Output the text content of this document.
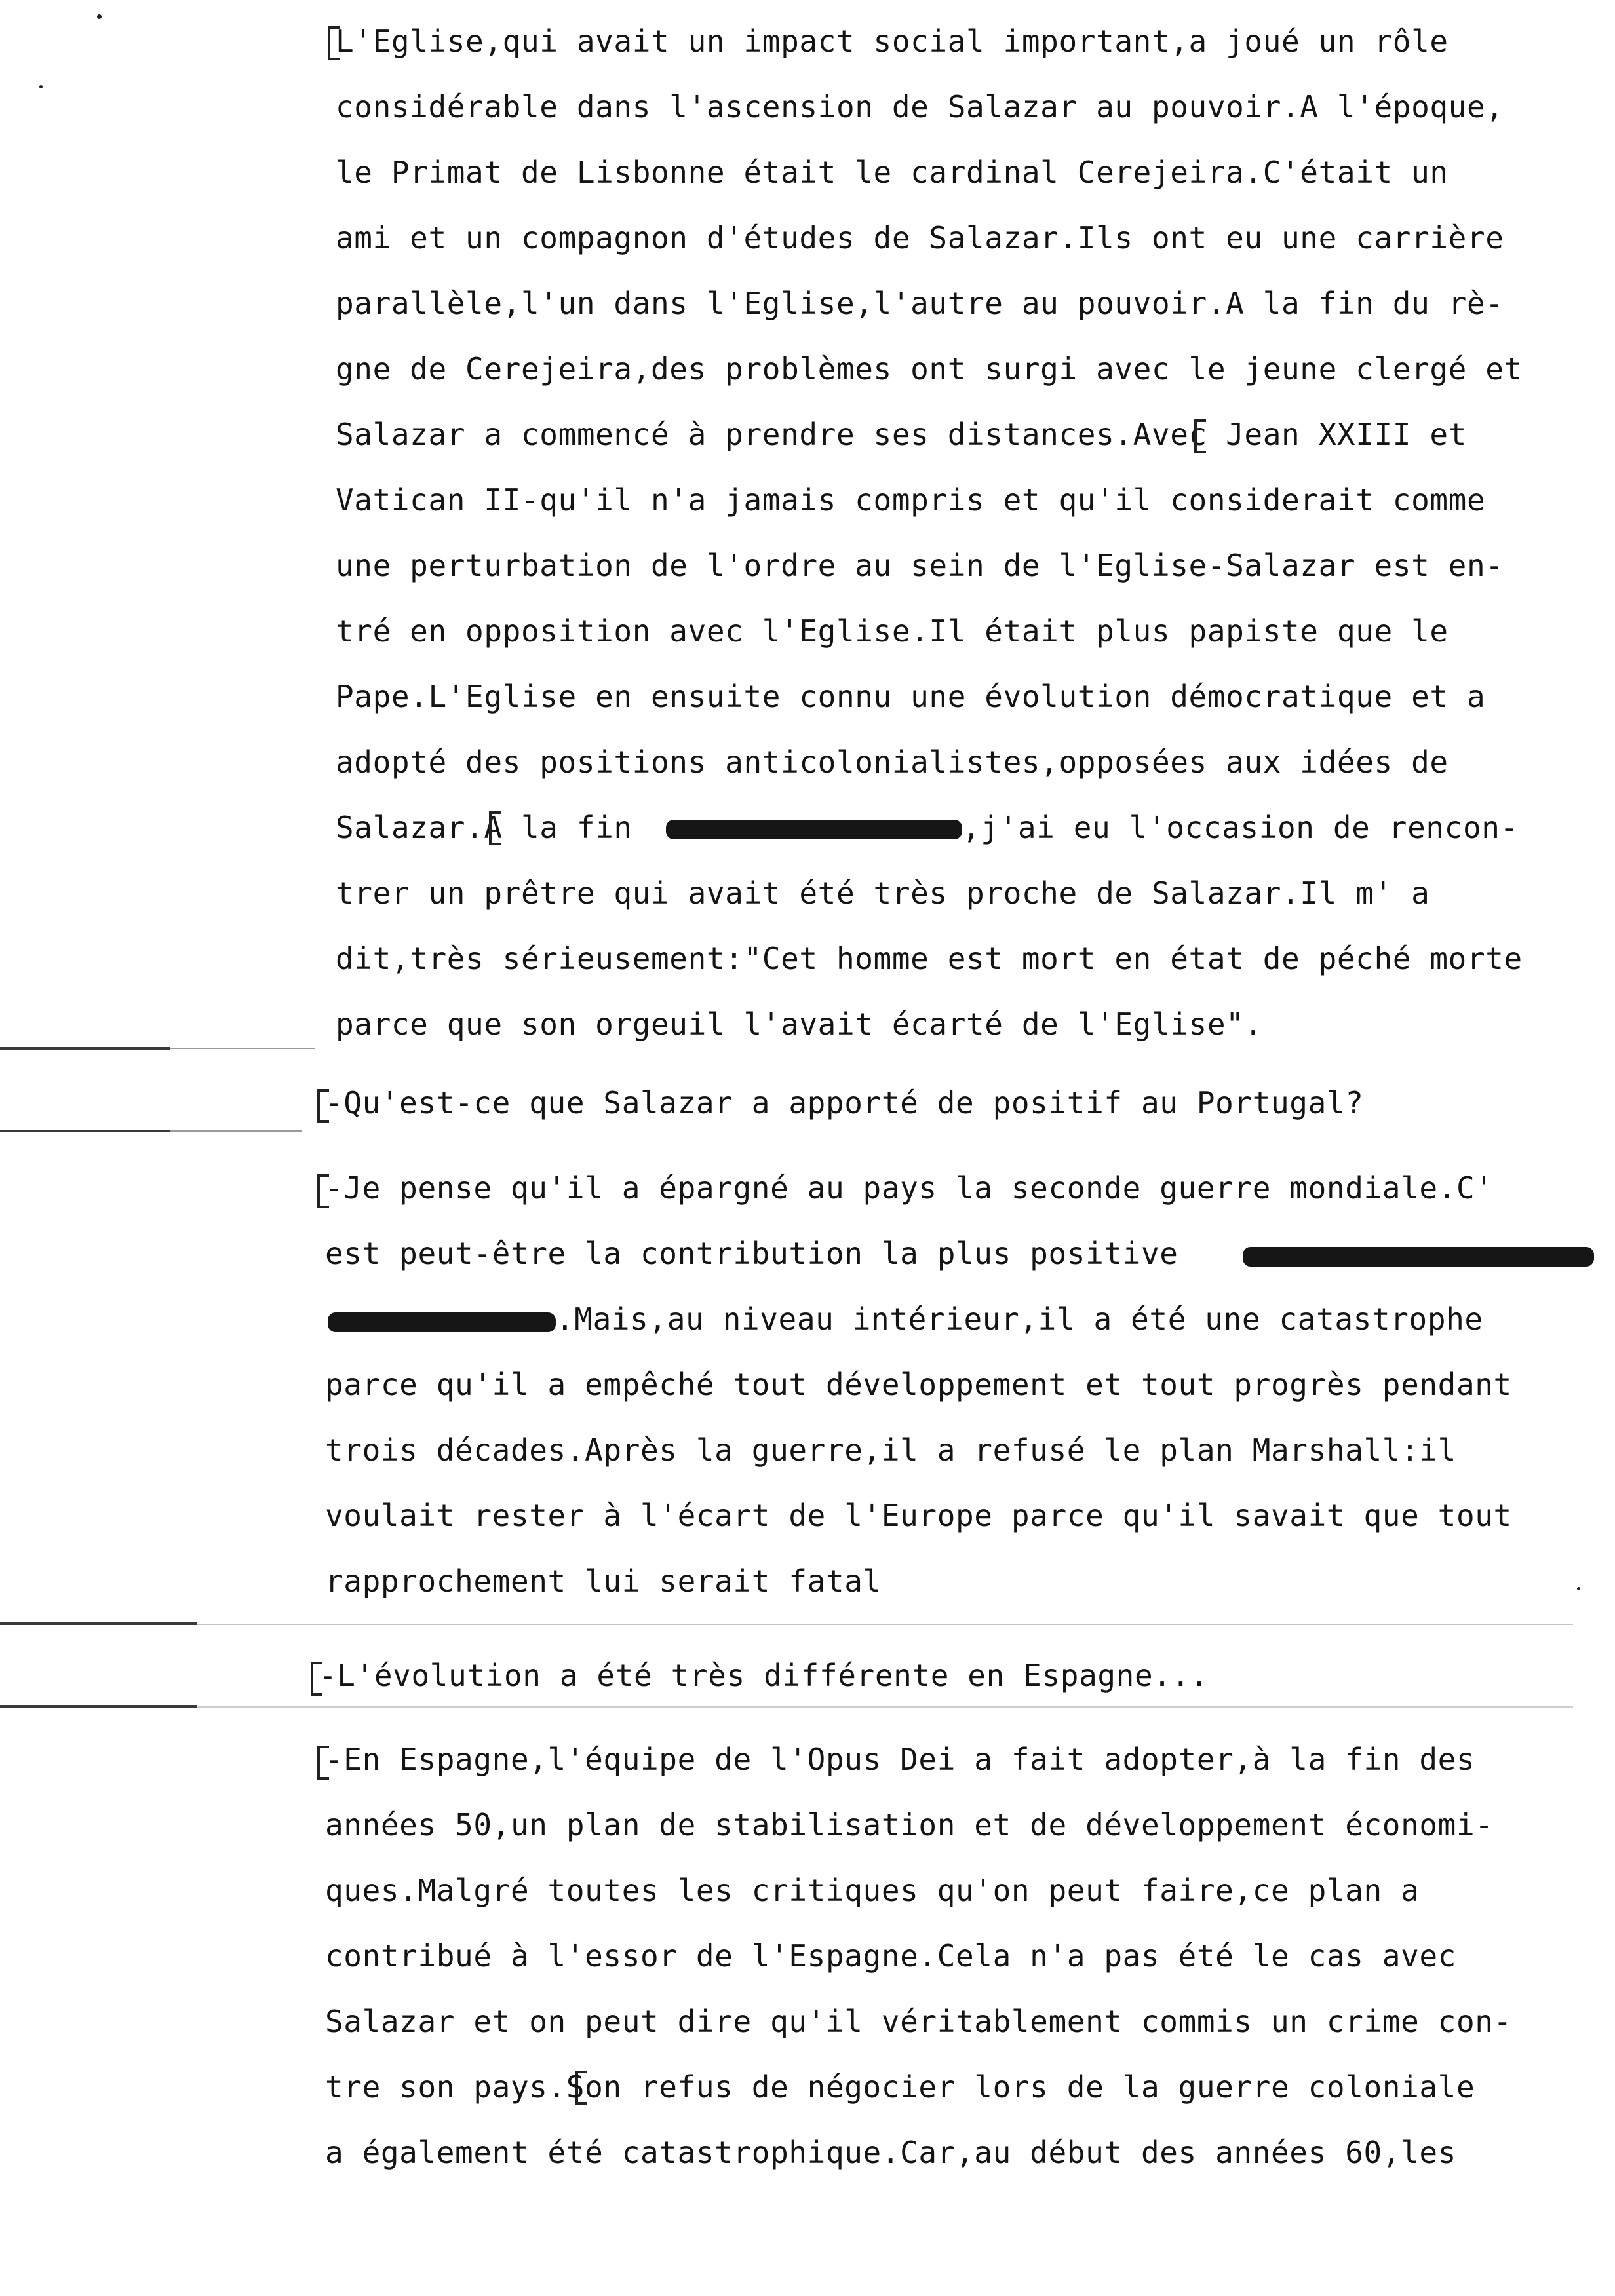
L'Eglise,qui avait un impact social important,a joué un rôle
considérable dans l'ascension de Salazar au pouvoir.A l'époque,
le Primat de Lisbonne était le cardinal Cerejeira.C'était un
ami et un compagnon d'études de Salazar.Ils ont eu une carrière
parallèle,l'un dans l'Eglise,l'autre au pouvoir.A la fin du rè-
gne de Cerejeira,des problèmes ont surgi avec le jeune clergé et
Salazar a commencé à prendre ses distances.Avec Jean XXIII et
Vatican II-qu'il n'a jamais compris et qu'il considerait comme
une perturbation de l'ordre au sein de l'Eglise-Salazar est en-
tré en opposition avec l'Eglise.Il était plus papiste que le
Pape.L'Eglise en ensuite connu une évolution démocratique et a
adopté des positions anticolonialistes,opposées aux idées de
Salazar.A la fin	,j'ai eu l'occasion de rencon-
trer un prêtre qui avait été très proche de Salazar.Il m' a
dit,très sérieusement:"Cet homme est mort en état de péché morte
parce que son orgeuil l'avait écarté de l'Eglise".
-Qu'est-ce que Salazar a apporté de positif au Portugal?
-Je pense qu'il a épargné au pays la seconde guerre mondiale.C'
est peut-être la contribution la plus positive
.Mais,au niveau intérieur,il a été une catastrophe
parce qu'il a empêché tout développement et tout progrès pendant
trois décades.Après la guerre,il a refusé le plan Marshall:il
voulait rester à l'écart de l'Europe parce qu'il savait que tout
rapprochement lui serait fatal
-L'évolution a été très différente en Espagne...
-En Espagne,l'équipe de l'Opus Dei a fait adopter,à la fin des
années 50,un plan de stabilisation et de développement économi-
ques.Malgré toutes les critiques qu'on peut faire,ce plan a
contribué à l'essor de l'Espagne.Cela n'a pas été le cas avec
Salazar et on peut dire qu'il véritablement commis un crime con-
tre son pays.Son refus de négocier lors de la guerre coloniale
a également été catastrophique.Car,au début des années 60,les
